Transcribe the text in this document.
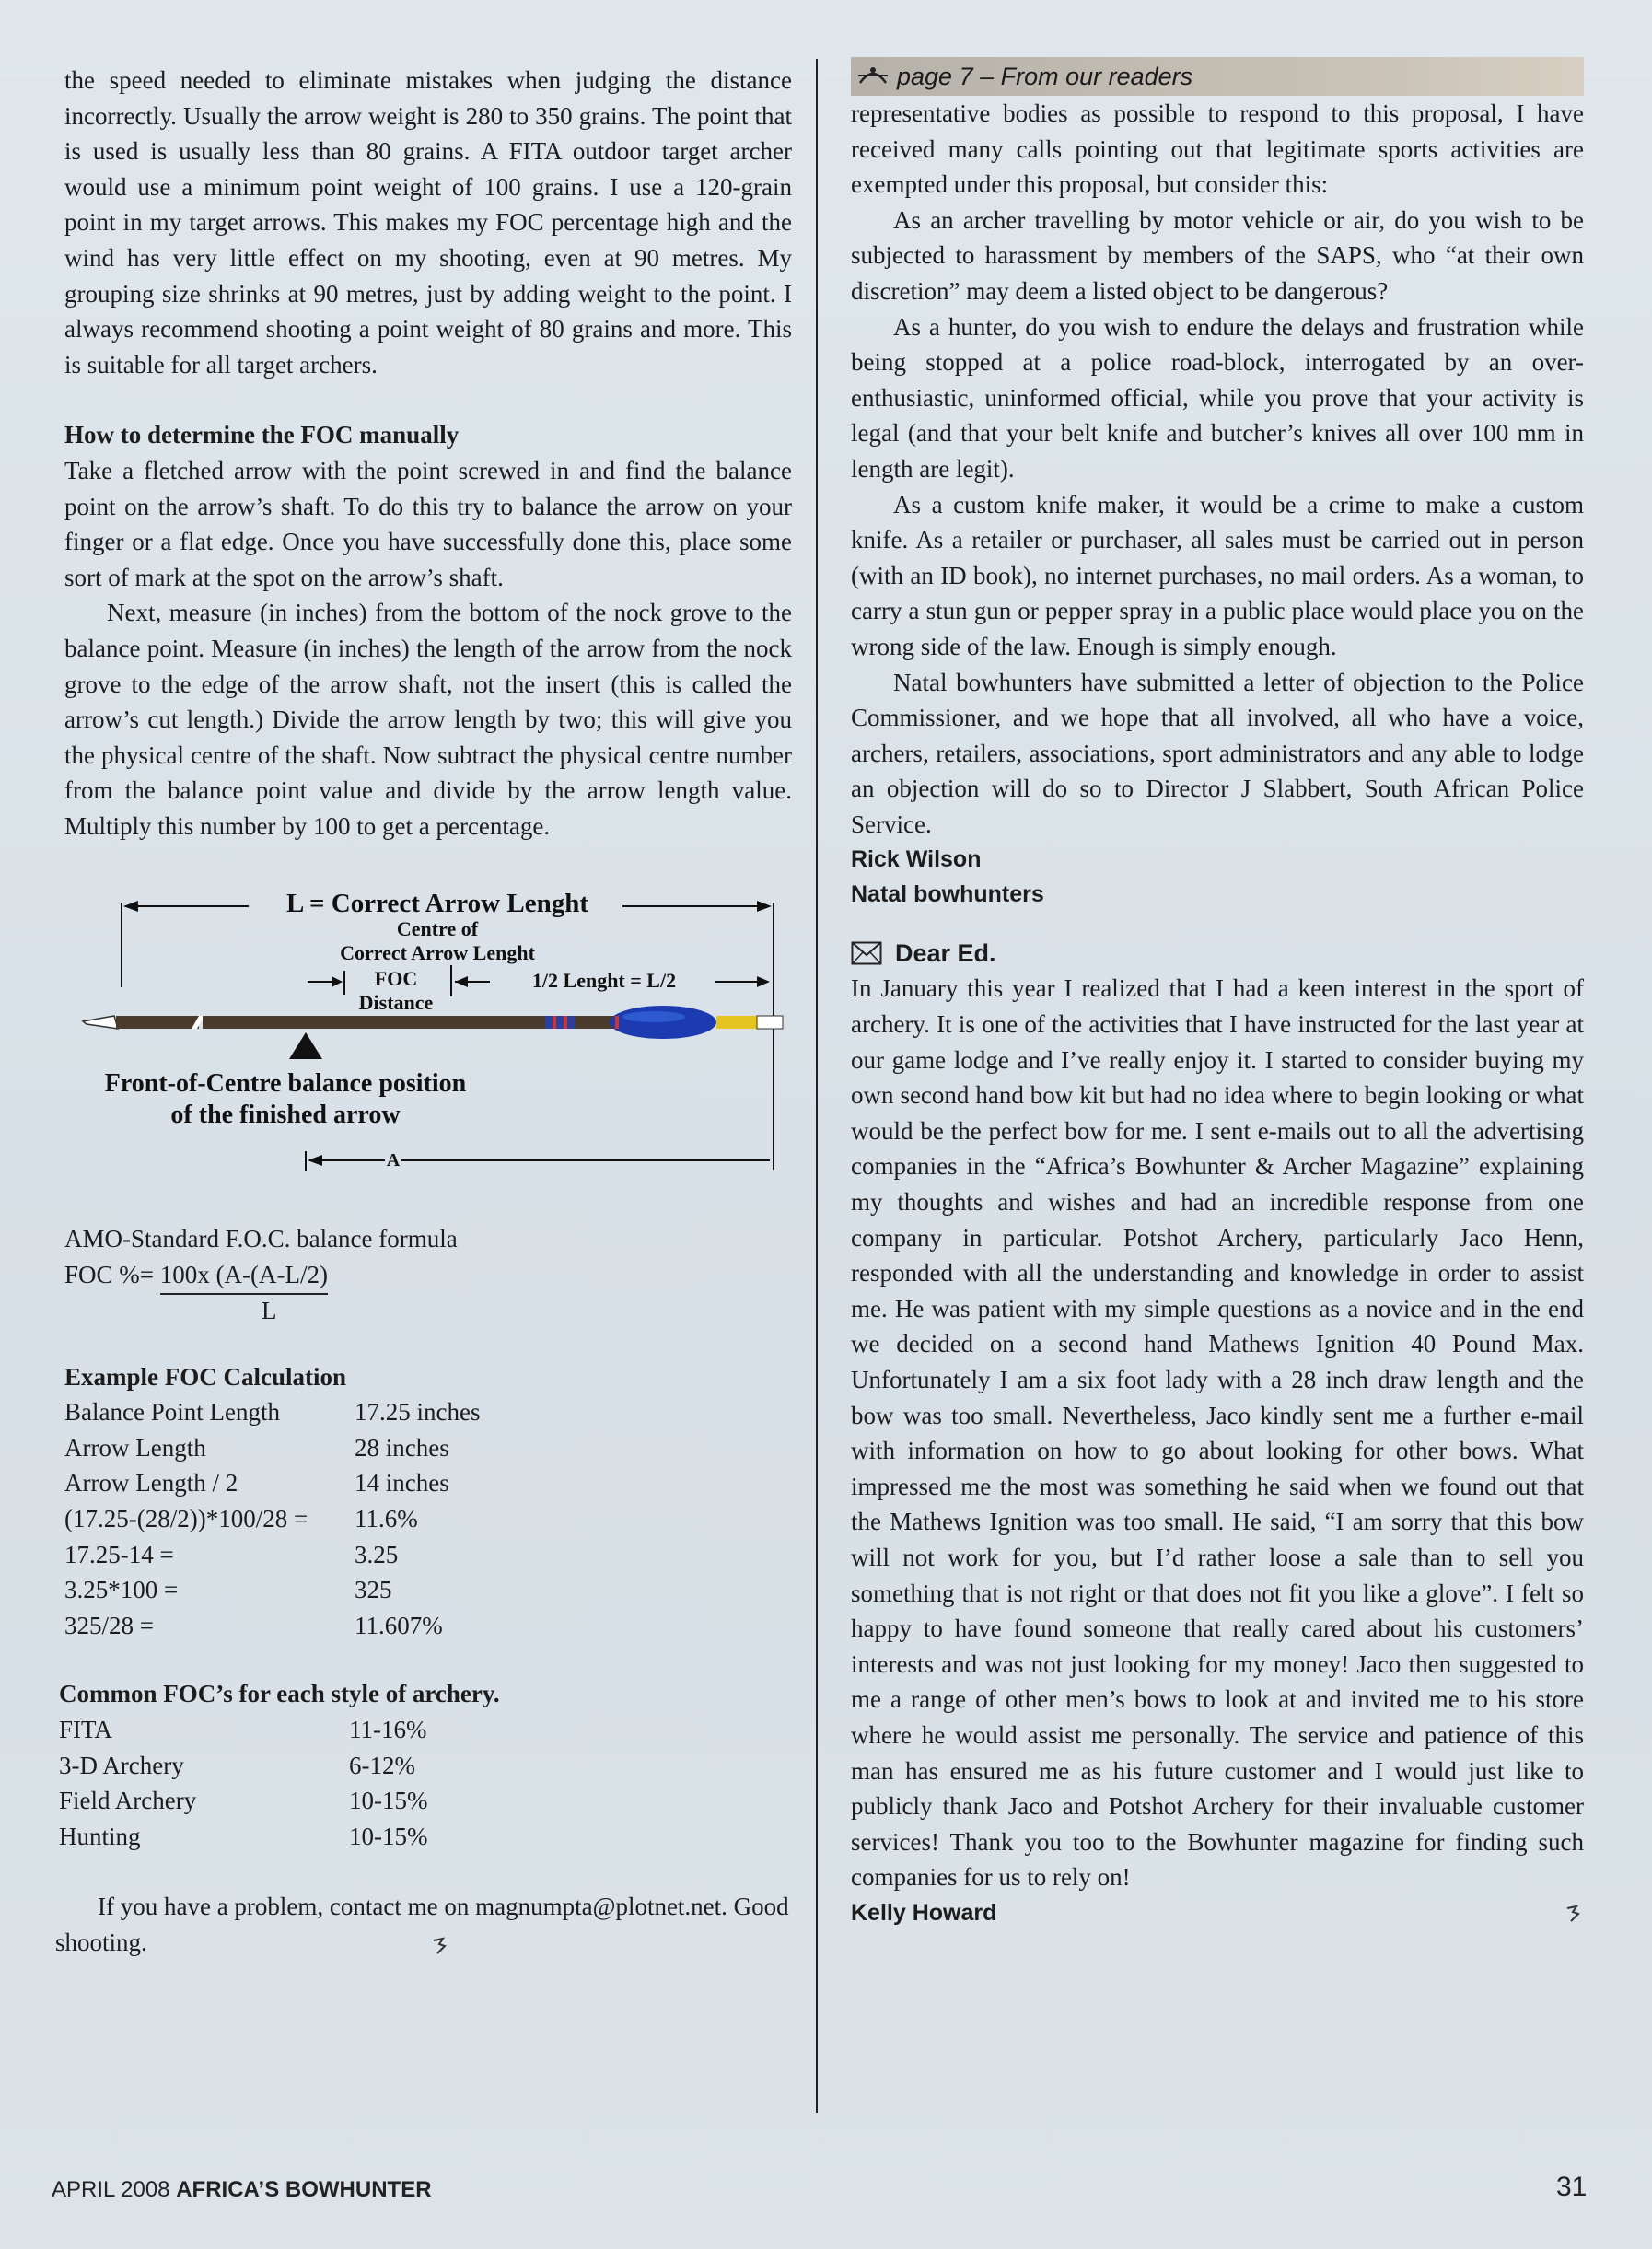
the speed needed to eliminate mistakes when judging the distance incorrectly. Usually the arrow weight is 280 to 350 grains. The point that is used is usually less than 80 grains. A FITA outdoor target archer would use a minimum point weight of 100 grains. I use a 120-grain point in my target arrows. This makes my FOC percentage high and the wind has very little effect on my shooting, even at 90 metres. My grouping size shrinks at 90 metres, just by adding weight to the point. I always recommend shooting a point weight of 80 grains and more. This is suitable for all target archers.

How to determine the FOC manually

Take a fletched arrow with the point screwed in and find the balance point on the arrow’s shaft. To do this try to balance the arrow on your finger or a flat edge. Once you have successfully done this, place some sort of mark at the spot on the arrow’s shaft.

Next, measure (in inches) from the bottom of the nock grove to the balance point. Measure (in inches) the length of the arrow from the nock grove to the edge of the arrow shaft, not the insert (this is called the arrow’s cut length.) Divide the arrow length by two; this will give you the physical centre of the shaft. Now subtract the physical centre number from the balance point value and divide by the arrow length value. Multiply this number by 100 to get a percentage.

L = Correct Arrow Lenght
Centre of
Correct Arrow Lenght
FOC
Distance
1/2 Lenght = L/2
Front-of-Centre balance position
of the finished arrow
A
AMO-Standard F.O.C. balance formula
FOC %= 100x (A-(A-L/2)
L
Example FOC Calculation
Balance Point Length	17.25 inches
Arrow Length	28 inches
Arrow Length / 2	14 inches
(17.25-(28/2))*100/28 =	11.6%
17.25-14 =	3.25
3.25*100 =	325
325/28 =	11.607%
Common FOC’s for each style of archery.
FITA	11-16%
3-D Archery	6-12%
Field Archery	10-15%
Hunting	10-15%

If you have a problem, contact me on magnumpta@plotnet.net. Good shooting.

page 7 – From our readers

representative bodies as possible to respond to this proposal, I have received many calls pointing out that legitimate sports activities are exempted under this proposal, but consider this:

As an archer travelling by motor vehicle or air, do you wish to be subjected to harassment by members of the SAPS, who “at their own discretion” may deem a listed object to be dangerous?

As a hunter, do you wish to endure the delays and frustration while being stopped at a police road-block, interrogated by an over-enthusiastic, uninformed official, while you prove that your activity is legal (and that your belt knife and butcher’s knives all over 100 mm in length are legit).

As a custom knife maker, it would be a crime to make a custom knife. As a retailer or purchaser, all sales must be carried out in person (with an ID book), no internet purchases, no mail orders. As a woman, to carry a stun gun or pepper spray in a public place would place you on the wrong side of the law. Enough is simply enough.

Natal bowhunters have submitted a letter of objection to the Police Commissioner, and we hope that all involved, all who have a voice, archers, retailers, associations, sport administrators and any able to lodge an objection will do so to Director J Slabbert, South African Police Service.

Rick Wilson
Natal bowhunters
Dear Ed.

In January this year I realized that I had a keen interest in the sport of archery. It is one of the activities that I have instructed for the last year at our game lodge and I’ve really enjoy it. I started to consider buying my own second hand bow kit but had no idea where to begin looking or what would be the perfect bow for me. I sent e-mails out to all the advertising companies in the “Africa’s Bowhunter & Archer Magazine” explaining my thoughts and wishes and had an incredible response from one company in particular. Potshot Archery, particularly Jaco Henn, responded with all the understanding and knowledge in order to assist me. He was patient with my simple questions as a novice and in the end we decided on a second hand Mathews Ignition 40 Pound Max. Unfortunately I am a six foot lady with a 28 inch draw length and the bow was too small. Nevertheless, Jaco kindly sent me a further e-mail with information on how to go about looking for other bows. What impressed me the most was something he said when we found out that the Mathews Ignition was too small. He said, “I am sorry that this bow will not work for you, but I’d rather loose a sale than to sell you something that is not right or that does not fit you like a glove”. I felt so happy to have found someone that really cared about his customers’ interests and was not just looking for my money! Jaco then suggested to me a range of other men’s bows to look at and invited me to his store where he would assist me personally. The service and patience of this man has ensured me as his future customer and I would just like to publicly thank Jaco and Potshot Archery for their invaluable customer services! Thank you too to the Bowhunter magazine for finding such companies for us to rely on!

Kelly Howard
APRIL 2008 AFRICA’S BOWHUNTER	31
